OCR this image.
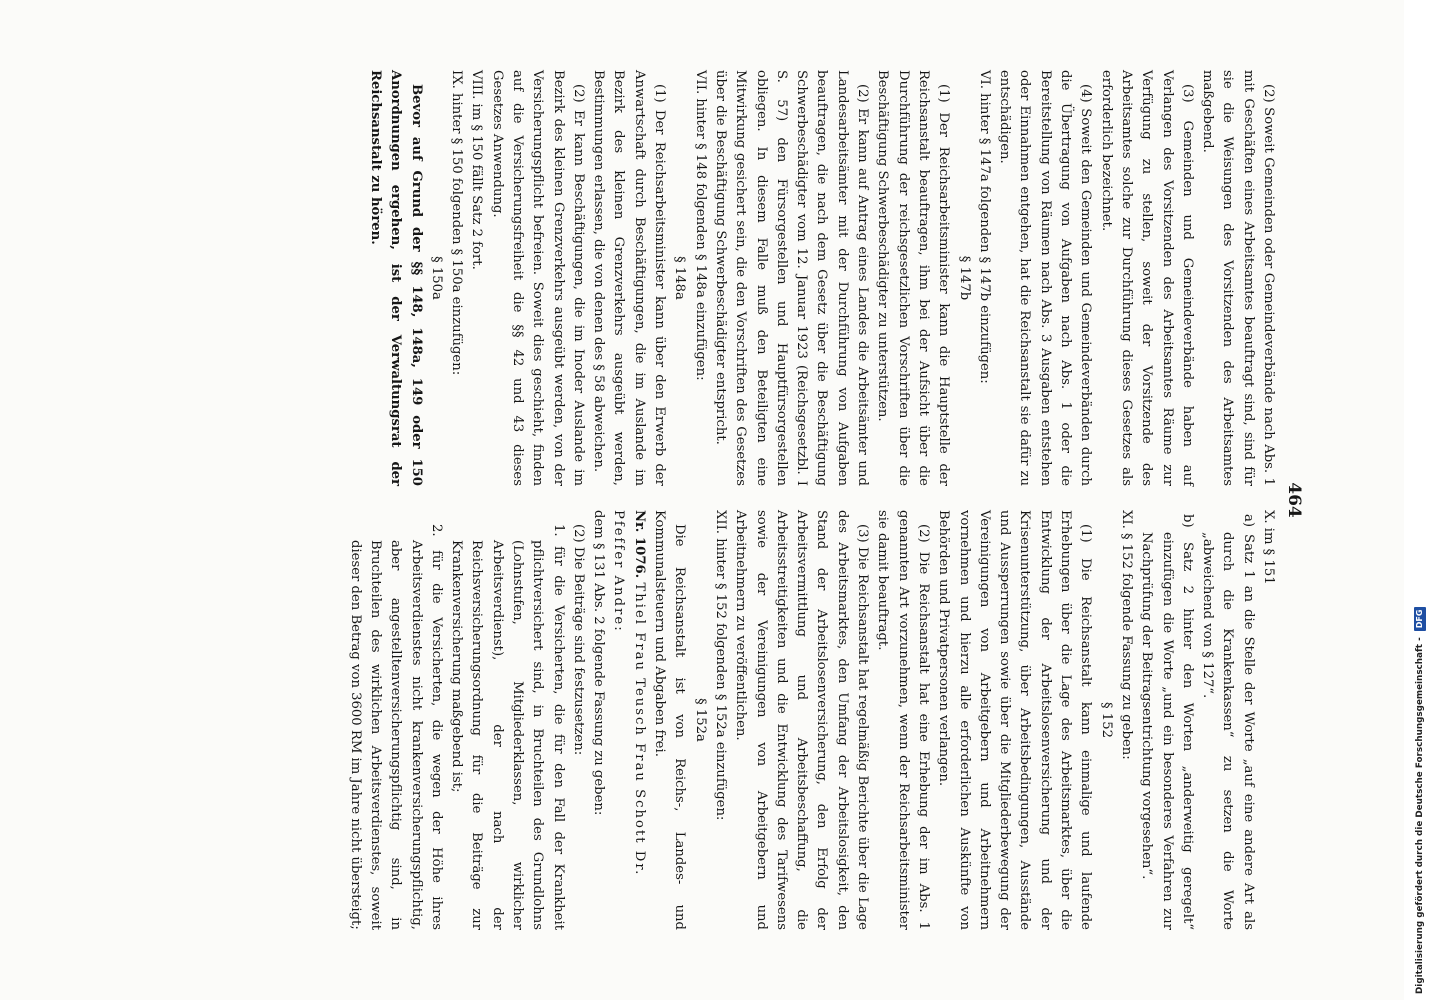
464

(2) Soweit Gemeinden oder Gemeindeverbände nach Abs. 1 mit Geschäften eines Arbeitsamtes beauftragt sind, sind für sie die Weisungen des Vorsitzenden des Arbeitsamtes maßgebend.

(3) Gemeinden und Gemeindeverbände haben auf Verlangen des Vorsitzenden des Arbeitsamtes Räume zur Verfügung zu stellen, soweit der Vorsitzende des Arbeitsamtes solche zur Durchführung dieses Gesetzes als erforderlich bezeichnet.

(4) Soweit den Gemeinden und Gemeindeverbänden durch die Übertragung von Aufgaben nach Abs. 1 oder die Bereitstellung von Räumen nach Abs. 3 Ausgaben entstehen oder Einnahmen entgehen, hat die Reichsanstalt sie dafür zu entschädigen.

VI. hinter § 147a folgenden § 147b einzufügen:

§ 147b

(1) Der Reichsarbeitsminister kann die Hauptstelle der Reichsanstalt beauftragen, ihm bei der Aufsicht über die Durchführung der reichsgesetzlichen Vorschriften über die Beschäftigung Schwerbeschädigter zu unterstützen.

(2) Er kann auf Antrag eines Landes die Arbeitsämter und Landesarbeitsämter mit der Durchführung von Aufgaben beauftragen, die nach dem Gesetz über die Beschäftigung Schwerbeschädigter vom 12. Januar 1923 (Reichsgesetzbl. I S. 57) den Fürsorgestellen und Hauptfürsorgestellen obliegen. In diesem Falle muß den Beteiligten eine Mitwirkung gesichert sein, die den Vorschriften des Gesetzes über die Beschäftigung Schwerbeschädigter entspricht.

VII. hinter § 148 folgenden § 148a einzufügen:

§ 148a

(1) Der Reichsarbeitsminister kann über den Erwerb der Anwartschaft durch Beschäftigungen, die im Auslande im Bezirk des kleinen Grenzverkehrs ausgeübt werden, Bestimmungen erlassen, die von denen des § 58 abweichen.

(2) Er kann Beschäftigungen, die im Inoder Auslande im Bezirk des kleinen Grenzverkehrs ausgeübt werden, von der Versicherungspflicht befreien. Soweit dies geschieht, finden auf die Versicherungsfreiheit die §§ 42 und 43 dieses Gesetzes Anwendung.

VIII. im § 150 fällt Satz 2 fort.

IX. hinter § 150 folgenden § 150a einzufügen:

§ 150a

Bevor auf Grund der §§ 148, 148a, 149 oder 150 Anordnungen ergehen, ist der Verwaltungsrat der Reichsanstalt zu hören.

X. im § 151

a) Satz 1 an die Stelle der Worte „auf eine andere Art als durch die Krankenkassen“ zu setzen die Worte „abweichend von § 127“.

b) Satz 2 hinter den Worten „anderweitig geregelt“ einzufügen die Worte „und ein besonderes Verfahren zur Nachprüfung der Beitragsentrichtung vorgesehen“.

XI. § 152 folgende Fassung zu geben:

§ 152

(1) Die Reichsanstalt kann einmalige und laufende Erhebungen über die Lage des Arbeitsmarktes, über die Entwicklung der Arbeitslosenversicherung und der Krisenunterstützung, über Arbeitsbedingungen, Ausstände und Aussperrungen sowie über die Mitgliederbewegung der Vereinigungen von Arbeitgebern und Arbeitnehmern vornehmen und hierzu alle erforderlichen Auskünfte von Behörden und Privatpersonen verlangen.

(2) Die Reichsanstalt hat eine Erhebung der im Abs. 1 genannten Art vorzunehmen, wenn der Reichsarbeitsminister sie damit beauftragt.

(3) Die Reichsanstalt hat regelmäßig Berichte über die Lage des Arbeitsmarktes, den Umfang der Arbeitslosigkeit, den Stand der Arbeitslosenversicherung, den Erfolg der Arbeitsvermittlung und Arbeitsbeschaffung, die Arbeitsstreitigkeiten und die Entwicklung des Tarifwesens sowie der Vereinigungen von Arbeitgebern und Arbeitnehmern zu veröffentlichen.

XII. hinter § 152 folgenden § 152a einzufügen:

§ 152a

Die Reichsanstalt ist von Reichs-, Landes- und Kommunalsteuern und Abgaben frei.

Nr. 1076. Thiel Frau Teusch Frau Schott Dr. Pfeffer Andre:

dem § 131 Abs. 2 folgende Fassung zu geben:

(2) Die Beiträge sind festzusetzen:

1. für die Versicherten, die für den Fall der Krankheit pflichtversichert sind, in Bruchteilen des Grundlohns (Lohnstufen, Mitgliederklassen, wirklicher Arbeitsverdienst), der nach der Reichsversicherungsordnung für die Beiträge zur Krankenversicherung maßgebend ist;

2. für die Versicherten, die wegen der Höhe ihres Arbeitsverdienstes nicht krankenversicherungspflichtig, aber angestelltenversicherungspflichtig sind, in Bruchteilen des wirklichen Arbeitsverdienstes, soweit dieser den Betrag von 3600 RM im Jahre nicht übersteigt;	Digitalisierung gefördert durch die Deutsche Forschungsgemeinschaft -DFG
